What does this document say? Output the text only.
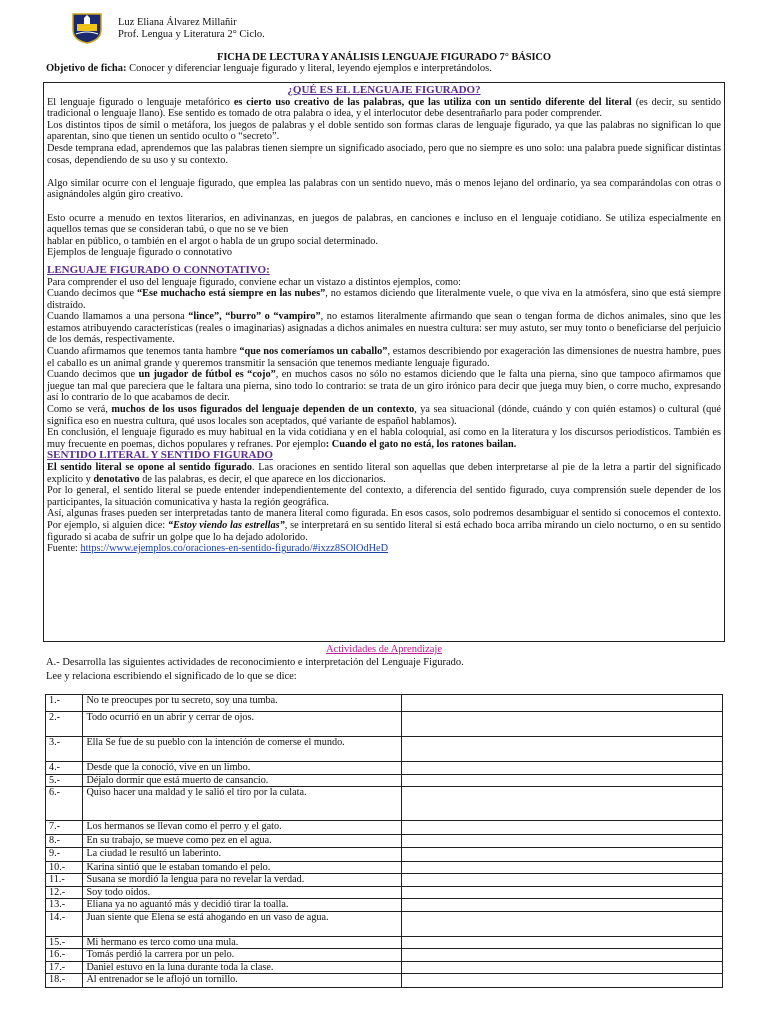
Luz Eliana Álvarez Millañir
Prof. Lengua y Literatura 2° Ciclo.
FICHA DE LECTURA Y ANÁLISIS LENGUAJE FIGURADO 7° BÁSICO
Objetivo de ficha: Conocer y diferenciar lenguaje figurado y literal, leyendo ejemplos e interpretándolos.
¿QUÉ ES EL LENGUAJE FIGURADO?

El lenguaje figurado o lenguaje metafórico es cierto uso creativo de las palabras, que las utiliza con un sentido diferente del literal (es decir, su sentido tradicional o lenguaje llano). Ese sentido es tomado de otra palabra o idea, y el interlocutor debe desentrañarlo para poder comprender.

Los distintos tipos de símil o metáfora, los juegos de palabras y el doble sentido son formas claras de lenguaje figurado, ya que las palabras no significan lo que aparentan, sino que tienen un sentido oculto o “secreto”.

Desde temprana edad, aprendemos que las palabras tienen siempre un significado asociado, pero que no siempre es uno solo: una palabra puede significar distintas cosas, dependiendo de su uso y su contexto.

Algo similar ocurre con el lenguaje figurado, que emplea las palabras con un sentido nuevo, más o menos lejano del ordinario, ya sea comparándolas con otras o asignándoles algún giro creativo.

Esto ocurre a menudo en textos literarios, en adivinanzas, en juegos de palabras, en canciones e incluso en el lenguaje cotidiano. Se utiliza especialmente en aquellos temas que se consideran tabú, o que no se ve bien

hablar en público, o también en el argot o habla de un grupo social determinado.

Ejemplos de lenguaje figurado o connotativo

LENGUAJE FIGURADO O CONNOTATIVO:

Para comprender el uso del lenguaje figurado, conviene echar un vistazo a distintos ejemplos, como:

Cuando decimos que “Ese muchacho está siempre en las nubes”, no estamos diciendo que literalmente vuele, o que viva en la atmósfera, sino que está siempre distraído.

Cuando llamamos a una persona “lince”, “burro” o “vampiro”, no estamos literalmente afirmando que sean o tengan forma de dichos animales, sino que les estamos atribuyendo características (reales o imaginarias) asignadas a dichos animales en nuestra cultura: ser muy astuto, ser muy tonto o beneficiarse del perjuicio de los demás, respectivamente.

Cuando afirmamos que tenemos tanta hambre “que nos comeríamos un caballo”, estamos describiendo por exageración las dimensiones de nuestra hambre, pues el caballo es un animal grande y queremos transmitir la sensación que tenemos mediante lenguaje figurado.

Cuando decimos que un jugador de fútbol es “cojo”, en muchos casos no sólo no estamos diciendo que le falta una pierna, sino que tampoco afirmamos que juegue tan mal que pareciera que le faltara una pierna, sino todo lo contrario: se trata de un giro irónico para decir que juega muy bien, o corre mucho, expresando así lo contrario de lo que acabamos de decir.

Como se verá, muchos de los usos figurados del lenguaje dependen de un contexto, ya sea situacional (dónde, cuándo y con quién estamos) o cultural (qué significa eso en nuestra cultura, qué usos locales son aceptados, qué variante de español hablamos).

En conclusión, el lenguaje figurado es muy habitual en la vida cotidiana y en el habla coloquial, así como en la literatura y los discursos periodísticos. También es muy frecuente en poemas, dichos populares y refranes. Por ejemplo: Cuando el gato no está, los ratones bailan.

SENTIDO LITERAL Y SENTIDO FIGURADO

El sentido literal se opone al sentido figurado. Las oraciones en sentido literal son aquellas que deben interpretarse al pie de la letra a partir del significado explícito y denotativo de las palabras, es decir, el que aparece en los diccionarios.

Por lo general, el sentido literal se puede entender independientemente del contexto, a diferencia del sentido figurado, cuya comprensión suele depender de los participantes, la situación comunicativa y hasta la región geográfica.

Así, algunas frases pueden ser interpretadas tanto de manera literal como figurada. En esos casos, solo podremos desambiguar el sentido si conocemos el contexto. Por ejemplo, si alguien dice: “Estoy viendo las estrellas”, se interpretará en su sentido literal si está echado boca arriba mirando un cielo nocturno, o en su sentido figurado si acaba de sufrir un golpe que lo ha dejado adolorido.

Fuente: https://www.ejemplos.co/oraciones-en-sentido-figurado/#ixzz8SOlOdHeD

Actividades de Aprendizaje
A.- Desarrolla las siguientes actividades de reconocimiento e interpretación del Lenguaje Figurado.
Lee y relaciona escribiendo el significado de lo que se dice:
1.-	No te preocupes por tu secreto, soy una tumba.	
2.-	Todo ocurrió en un abrir y cerrar de ojos.	
3.-	Ella Se fue de su pueblo con la intención de comerse el mundo.	
4.-	Desde que la conoció, vive en un limbo.	
5.-	Déjalo dormir que está muerto de cansancio.	
6.-	Quiso hacer una maldad y le salió el tiro por la culata.	
7.-	Los hermanos se llevan como el perro y el gato.	
8.-	En su trabajo, se mueve como pez en el agua.	
9.-	La ciudad le resultó un laberinto.	
10.-	Karina sintió que le estaban tomando el pelo.	
11.-	Susana se mordió la lengua para no revelar la verdad.	
12.-	Soy todo oídos.	
13.-	Eliana ya no aguantó más y decidió tirar la toalla.	
14.-	Juan siente que Elena se está ahogando en un vaso de agua.	
15.-	Mi hermano es terco como una mula.	
16.-	Tomás perdió la carrera por un pelo.	
17.-	Daniel estuvo en la luna durante toda la clase.	
18.-	Al entrenador se le aflojó un tornillo.	
